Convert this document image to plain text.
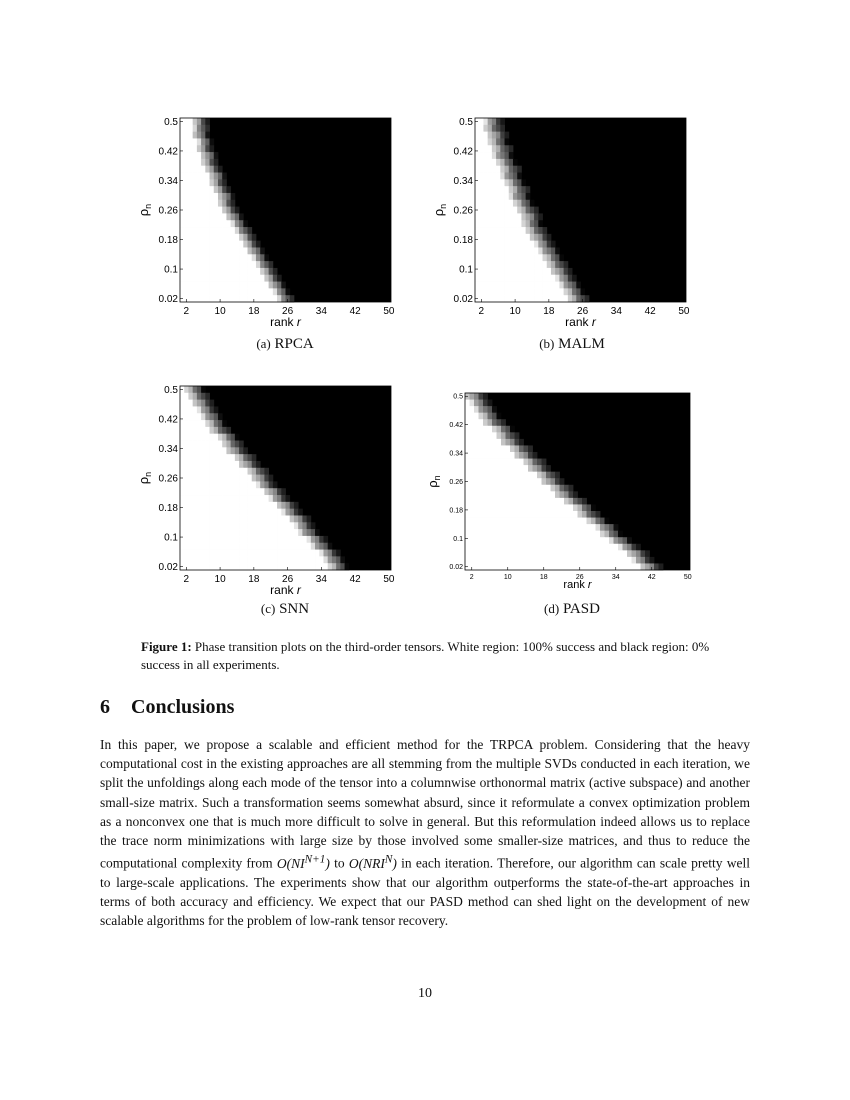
2	10 18 26 34 42 50
0.5
0.42
0.34
0.26
0.18
0.1
0.02
rank r
$\rho_n$
(a) RPCA
2	10 18 26 34 42 50
0.5
0.42
0.34
0.26
0.18
0.1
0.02
rank r
$\rho_n$
(b) MALM
2	10 18 26 34 42 50
0.5
0.42
0.34
0.26
0.18
0.1
0.02
rank r
$\rho_n$
(c) SNN
2	10	18	26	34	42	50
0.5
0.42
0.34
0.26
0.18
0.1
0.02
rank r
$\rho_n$
(d) PASD
Figure 1: Phase transition plots on the third-order tensors. White region: 100% success and black region: 0% success in all experiments.
6 Conclusions
In this paper, we propose a scalable and efficient method for the TRPCA problem. Considering that the heavy computational cost in the existing approaches are all stemming from the multiple SVDs conducted in each iteration, we split the unfoldings along each mode of the tensor into a columnwise orthonormal matrix (active subspace) and another small-size matrix. Such a transformation seems somewhat absurd, since it reformulate a convex optimization problem as a nonconvex one that is much more difficult to solve in general. But this reformulation indeed allows us to replace the trace norm minimizations with large size by those involved some smaller-size matrices, and thus to reduce the computational complexity from $O(NI^{N+1})$ to $O(NRI^N)$ in each iteration. Therefore, our algorithm can scale pretty well to large-scale applications. The experiments show that our algorithm outperforms the state-of-the-art approaches in terms of both accuracy and efficiency. We expect that our PASD method can shed light on the development of new scalable algorithms for the problem of low-rank tensor recovery.
10
